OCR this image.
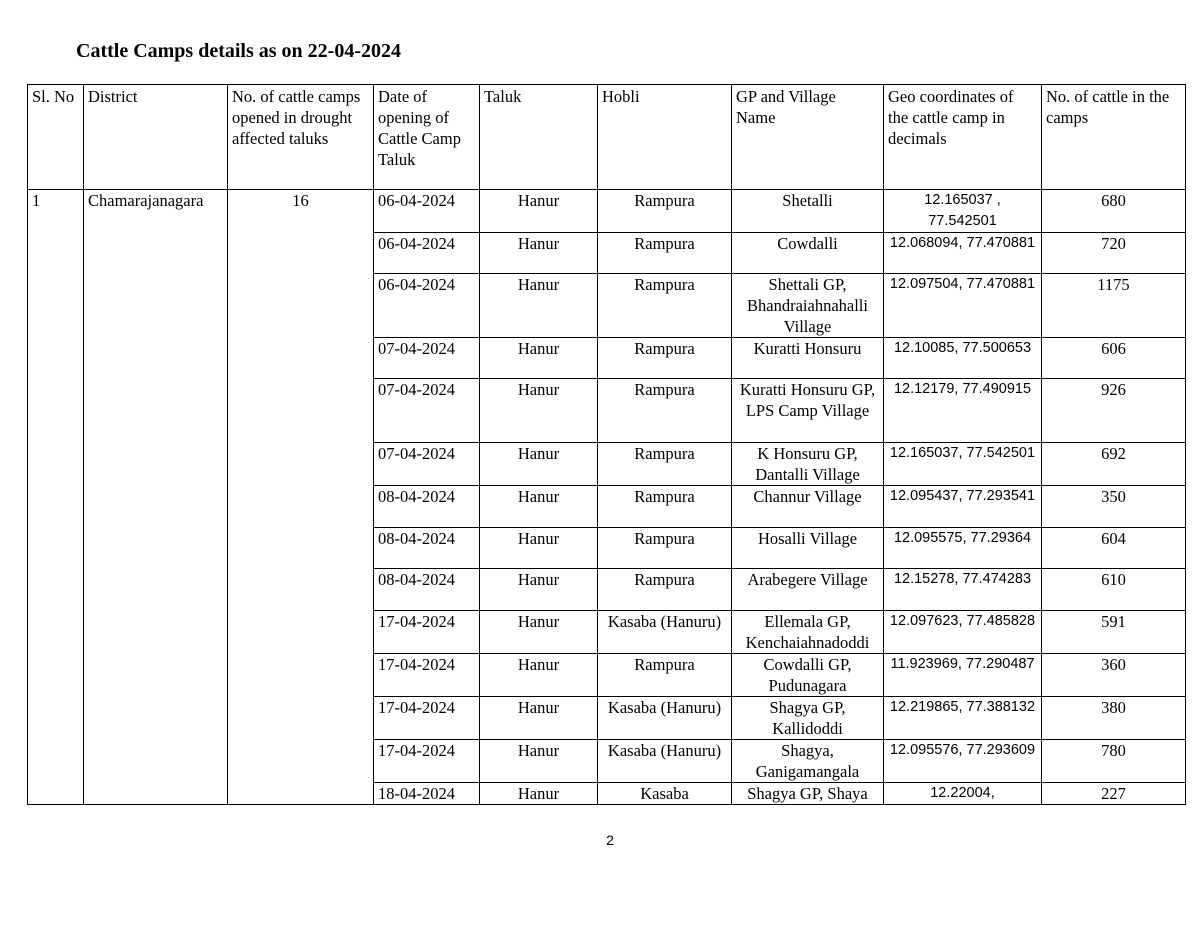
Cattle Camps details as on 22-04-2024
Sl. No	District	No. of cattle camps opened in drought affected taluks	Date of opening of Cattle Camp Taluk	Taluk	Hobli	GP and Village Name	Geo coordinates of the cattle camp in decimals	No. of cattle in the camps
1	Chamarajanagara	16	06-04-2024	Hanur	Rampura	Shetalli	12.165037 , 77.542501	680
			06-04-2024	Hanur	Rampura	Cowdalli	12.068094, 77.470881	720
			06-04-2024	Hanur	Rampura	Shettali GP, Bhandraiahnahalli Village	12.097504, 77.470881	1175
			07-04-2024	Hanur	Rampura	Kuratti Honsuru	12.10085, 77.500653	606
			07-04-2024	Hanur	Rampura	Kuratti Honsuru GP, LPS Camp Village	12.12179, 77.490915	926
			07-04-2024	Hanur	Rampura	K Honsuru GP, Dantalli Village	12.165037, 77.542501	692
			08-04-2024	Hanur	Rampura	Channur Village	12.095437, 77.293541	350
			08-04-2024	Hanur	Rampura	Hosalli Village	12.095575, 77.29364	604
			08-04-2024	Hanur	Rampura	Arabegere Village	12.15278, 77.474283	610
			17-04-2024	Hanur	Kasaba (Hanuru)	Ellemala GP, Kenchaiahnadoddi	12.097623, 77.485828	591
			17-04-2024	Hanur	Rampura	Cowdalli GP, Pudunagara	11.923969, 77.290487	360
			17-04-2024	Hanur	Kasaba (Hanuru)	Shagya GP, Kallidoddi	12.219865, 77.388132	380
			17-04-2024	Hanur	Kasaba (Hanuru)	Shagya, Ganigamangala	12.095576, 77.293609	780
			18-04-2024	Hanur	Kasaba	Shagya GP, Shaya	12.22004,	227
2
